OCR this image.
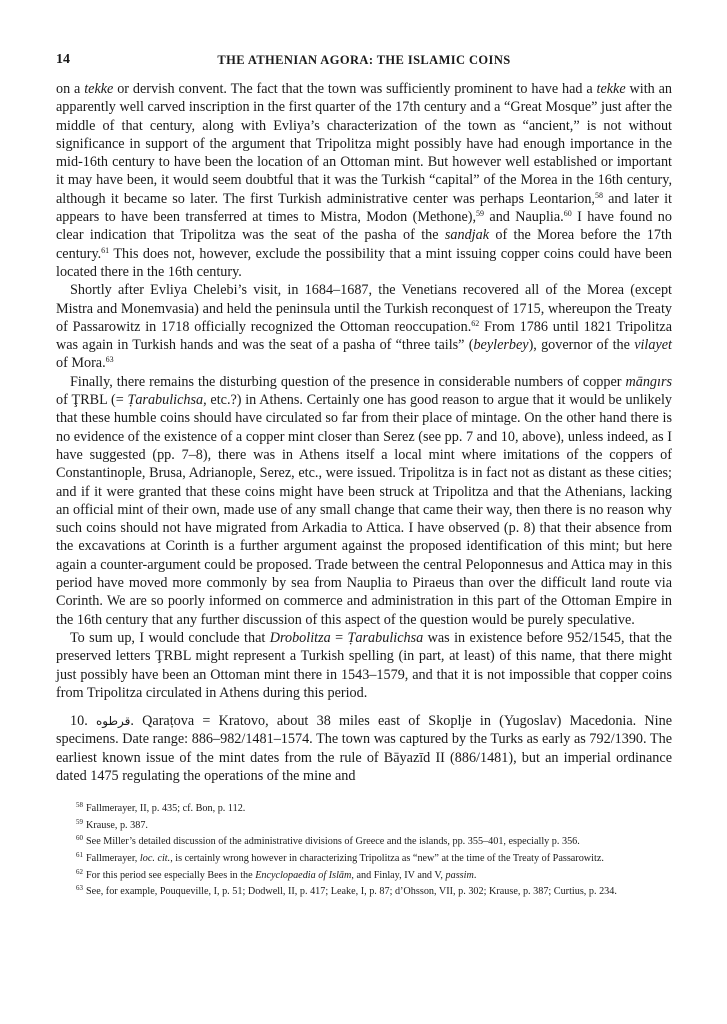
14	THE ATHENIAN AGORA: THE ISLAMIC COINS

on a tekke or dervish convent. The fact that the town was sufficiently prominent to have had a tekke with an apparently well carved inscription in the first quarter of the 17th century and a “Great Mosque” just after the middle of that century, along with Evliya’s characterization of the town as “ancient,” is not without significance in support of the argument that Tripolitza might possibly have had enough importance in the mid-16th century to have been the location of an Ottoman mint. But however well established or important it may have been, it would seem doubtful that it was the Turkish “capital” of the Morea in the 16th century, although it became so later. The first Turkish administrative center was perhaps Leontarion,$^{58}$ and later it appears to have been transferred at times to Mistra, Modon (Methone),$^{59}$ and Nauplia.$^{60}$ I have found no clear indication that Tripolitza was the seat of the pasha of the sandjak of the Morea before the 17th century.$^{61}$ This does not, however, exclude the possibility that a mint issuing copper coins could have been located there in the 16th century.

Shortly after Evliya Chelebi’s visit, in 1684–1687, the Venetians recovered all of the Morea (except Mistra and Monemvasia) and held the peninsula until the Turkish reconquest of 1715, whereupon the Treaty of Passarowitz in 1718 officially recognized the Ottoman reoccupation.$^{62}$ From 1786 until 1821 Tripolitza was again in Turkish hands and was the seat of a pasha of “three tails” (beylerbey), governor of the vilayet of Mora.$^{63}$

Finally, there remains the disturbing question of the presence in considerable numbers of copper māngırs of ŢRBL (= Ṭarabulichsa, etc.?) in Athens. Certainly one has good reason to argue that it would be unlikely that these humble coins should have circulated so far from their place of mintage. On the other hand there is no evidence of the existence of a copper mint closer than Serez (see pp. 7 and 10, above), unless indeed, as I have suggested (pp. 7–8), there was in Athens itself a local mint where imitations of the coppers of Constantinople, Brusa, Adrianople, Serez, etc., were issued. Tripolitza is in fact not as distant as these cities; and if it were granted that these coins might have been struck at Tripolitza and that the Athenians, lacking an official mint of their own, made use of any small change that came their way, then there is no reason why such coins should not have migrated from Arkadia to Attica. I have observed (p. 8) that their absence from the excavations at Corinth is a further argument against the proposed identification of this mint; but here again a counter-argument could be proposed. Trade between the central Peloponnesus and Attica may in this period have moved more commonly by sea from Nauplia to Piraeus than over the difficult land route via Corinth. We are so poorly informed on commerce and administration in this part of the Ottoman Empire in the 16th century that any further discussion of this aspect of the question would be purely speculative.

To sum up, I would conclude that Drobolitza = Ṭarabulichsa was in existence before 952/1545, that the preserved letters ŢRBL might represent a Turkish spelling (in part, at least) of this name, that there might just possibly have been an Ottoman mint there in 1543–1579, and that it is not impossible that copper coins from Tripolitza circulated in Athens during this period.

10. قرطوه. Qaraṭova = Kratovo, about 38 miles east of Skoplje in (Yugoslav) Macedonia. Nine specimens. Date range: 886–982/1481–1574. The town was captured by the Turks as early as 792/1390. The earliest known issue of the mint dates from the rule of Bāyazīd II (886/1481), but an imperial ordinance dated 1475 regulating the operations of the mine and

$^{58}$ Fallmerayer, II, p. 435; cf. Bon, p. 112.

$^{59}$ Krause, p. 387.

$^{60}$ See Miller’s detailed discussion of the administrative divisions of Greece and the islands, pp. 355–401, especially p. 356.

$^{61}$ Fallmerayer, loc. cit., is certainly wrong however in characterizing Tripolitza as “new” at the time of the Treaty of Passarowitz.

$^{62}$ For this period see especially Bees in the Encyclopaedia of Islām, and Finlay, IV and V, passim.

$^{63}$ See, for example, Pouqueville, I, p. 51; Dodwell, II, p. 417; Leake, I, p. 87; d’Ohsson, VII, p. 302; Krause, p. 387; Curtius, p. 234.
